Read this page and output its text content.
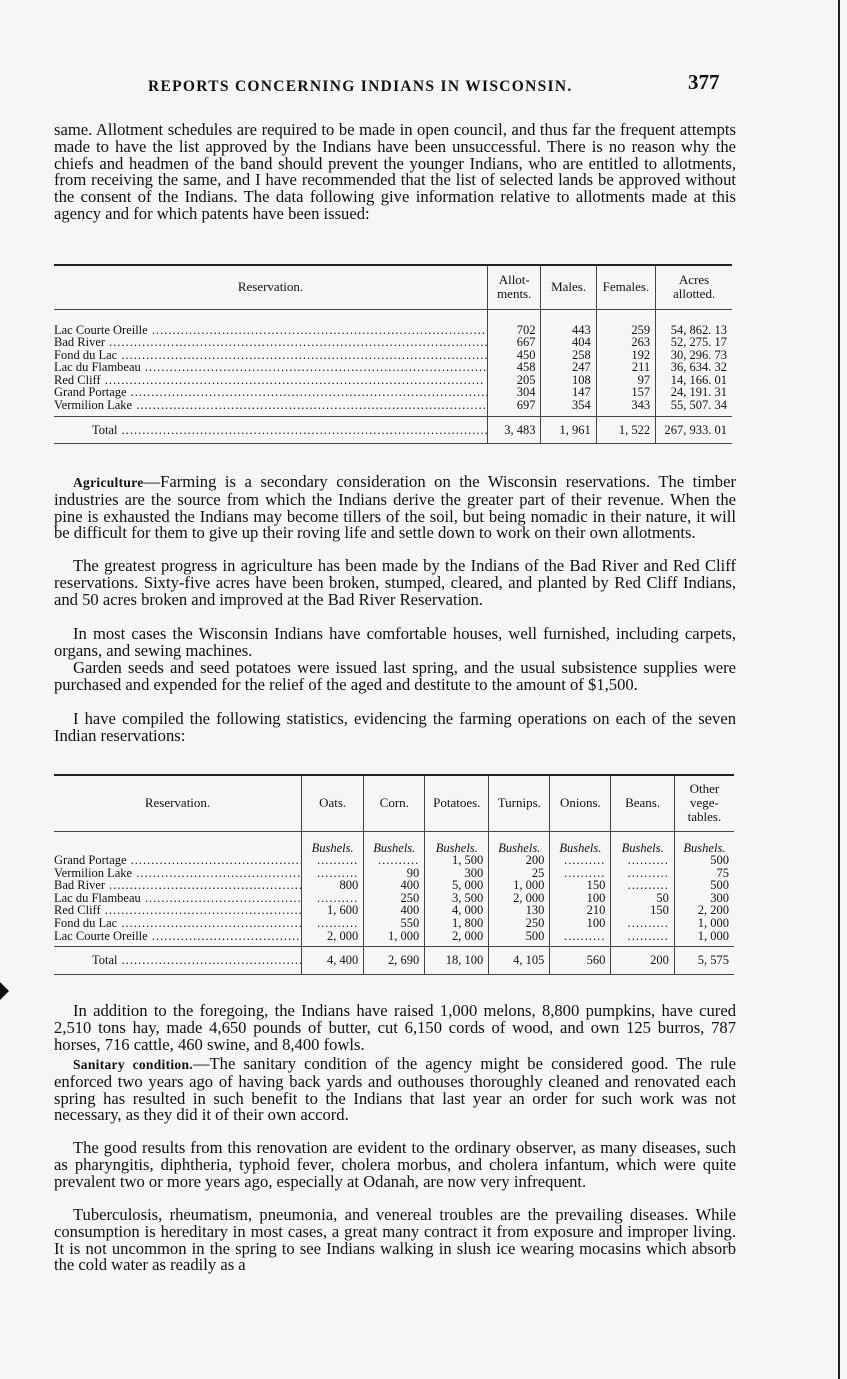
REPORTS CONCERNING INDIANS IN WISCONSIN.	377

same. Allotment schedules are required to be made in open council, and thus far the frequent attempts made to have the list approved by the Indians have been unsuccessful. There is no reason why the chiefs and headmen of the band should prevent the younger Indians, who are entitled to allotments, from receiving the same, and I have recommended that the list of selected lands be approved without the consent of the Indians. The data following give information relative to allotments made at this agency and for which patents have been issued:

Reservation.	Allot-
ments.	Males.	Females.	Acres
allotted.
Lac Courte Oreille .....	702	443	259	54, 862. 13
Bad River .....	667	404	263	52, 275. 17
Fond du Lac .....	450	258	192	30, 296. 73
Lac du Flambeau .....	458	247	211	36, 634. 32
Red Cliff .....	205	108	97	14, 166. 01
Grand Portage .....	304	147	157	24, 191. 31
Vermilion Lake .....	697	354	343	55, 507. 34
Total .....	3, 483	1, 961	1, 522	267, 933. 01

Agriculture—Farming is a secondary consideration on the Wisconsin reservations. The timber industries are the source from which the Indians derive the greater part of their revenue. When the pine is exhausted the Indians may become tillers of the soil, but being nomadic in their nature, it will be difficult for them to give up their roving life and settle down to work on their own allotments.

The greatest progress in agriculture has been made by the Indians of the Bad River and Red Cliff reservations. Sixty-five acres have been broken, stumped, cleared, and planted by Red Cliff Indians, and 50 acres broken and improved at the Bad River Reservation.

In most cases the Wisconsin Indians have comfortable houses, well furnished, including carpets, organs, and sewing machines.

Garden seeds and seed potatoes were issued last spring, and the usual subsistence supplies were purchased and expended for the relief of the aged and destitute to the amount of $1,500.

I have compiled the following statistics, evidencing the farming operations on each of the seven Indian reservations:

Reservation.	Oats.	Corn.	Potatoes.	Turnips.	Onions.	Beans.	Other
vege-
tables.
	Bushels.	Bushels.	Bushels.	Bushels.	Bushels.	Bushels.	Bushels.
Grand Portage .....	..........	..........	1, 500	200	..........	..........	500
Vermilion Lake .....	..........	90	300	25	..........	..........	75
Bad River .....	800	400	5, 000	1, 000	150	..........	500
Lac du Flambeau .....	..........	250	3, 500	2, 000	100	50	300
Red Cliff .....	1, 600	400	4, 000	130	210	150	2, 200
Fond du Lac .....	..........	550	1, 800	250	100	..........	1, 000
Lac Courte Oreille .....	2, 000	1, 000	2, 000	500	..........	..........	1, 000
Total .....	4, 400	2, 690	18, 100	4, 105	560	200	5, 575

In addition to the foregoing, the Indians have raised 1,000 melons, 8,800 pumpkins, have cured 2,510 tons hay, made 4,650 pounds of butter, cut 6,150 cords of wood, and own 125 burros, 787 horses, 716 cattle, 460 swine, and 8,400 fowls.

Sanitary condition.—The sanitary condition of the agency might be considered good. The rule enforced two years ago of having back yards and outhouses thoroughly cleaned and renovated each spring has resulted in such benefit to the Indians that last year an order for such work was not necessary, as they did it of their own accord.

The good results from this renovation are evident to the ordinary observer, as many diseases, such as pharyngitis, diphtheria, typhoid fever, cholera morbus, and cholera infantum, which were quite prevalent two or more years ago, especially at Odanah, are now very infrequent.

Tuberculosis, rheumatism, pneumonia, and venereal troubles are the prevailing diseases. While consumption is hereditary in most cases, a great many contract it from exposure and improper living. It is not uncommon in the spring to see Indians walking in slush ice wearing mocasins which absorb the cold water as readily as a
